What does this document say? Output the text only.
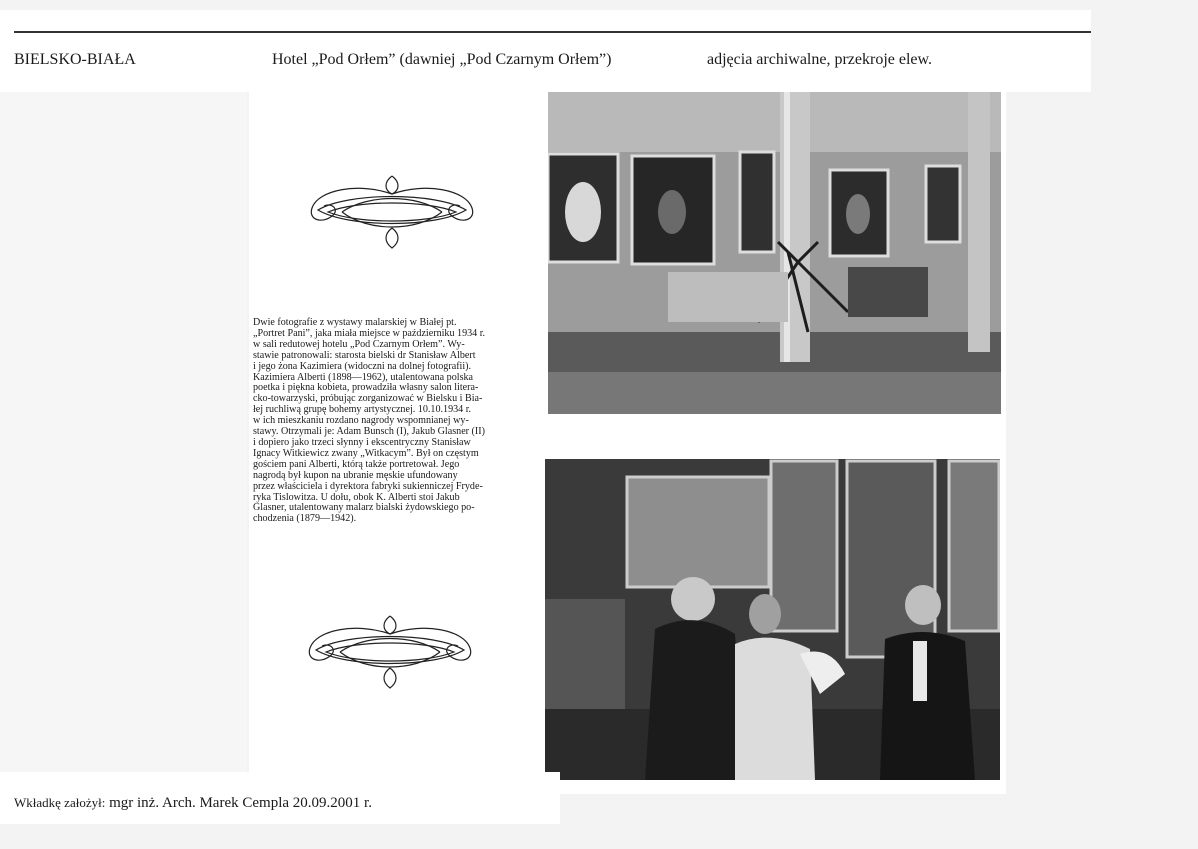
BIELSKO-BIAŁA	Hotel „Pod Orłem” (dawniej „Pod Czarnym Orłem”)	adjęcia archiwalne, przekroje elew.

Dwie fotografie z wystawy malarskiej w Białej pt.

„Portret Pani”, jaka miała miejsce w październiku 1934 r.

w sali redutowej hotelu „Pod Czarnym Orłem”. Wy-

stawie patronowali: starosta bielski dr Stanisław Albert

i jego żona Kazimiera (widoczni na dolnej fotografii).

Kazimiera Alberti (1898—1962), utalentowana polska

poetka i piękna kobieta, prowadziła własny salon litera-

cko-towarzyski, próbując zorganizować w Bielsku i Bia-

łej ruchliwą grupę bohemy artystycznej. 10.10.1934 r.

w ich mieszkaniu rozdano nagrody wspomnianej wy-

stawy. Otrzymali je: Adam Bunsch (I), Jakub Glasner (II)

i dopiero jako trzeci słynny i ekscentryczny Stanisław

Ignacy Witkiewicz zwany „Witkacym”. Był on częstym

gościem pani Alberti, którą także portretował. Jego

nagrodą był kupon na ubranie męskie ufundowany

przez właściciela i dyrektora fabryki sukienniczej Fryde-

ryka Tislowitza. U dołu, obok K. Alberti stoi Jakub

Glasner, utalentowany malarz bialski żydowskiego po-

chodzenia (1879—1942).

Wkładkę założył: mgr inż. Arch. Marek Cempla 20.09.2001 r.
